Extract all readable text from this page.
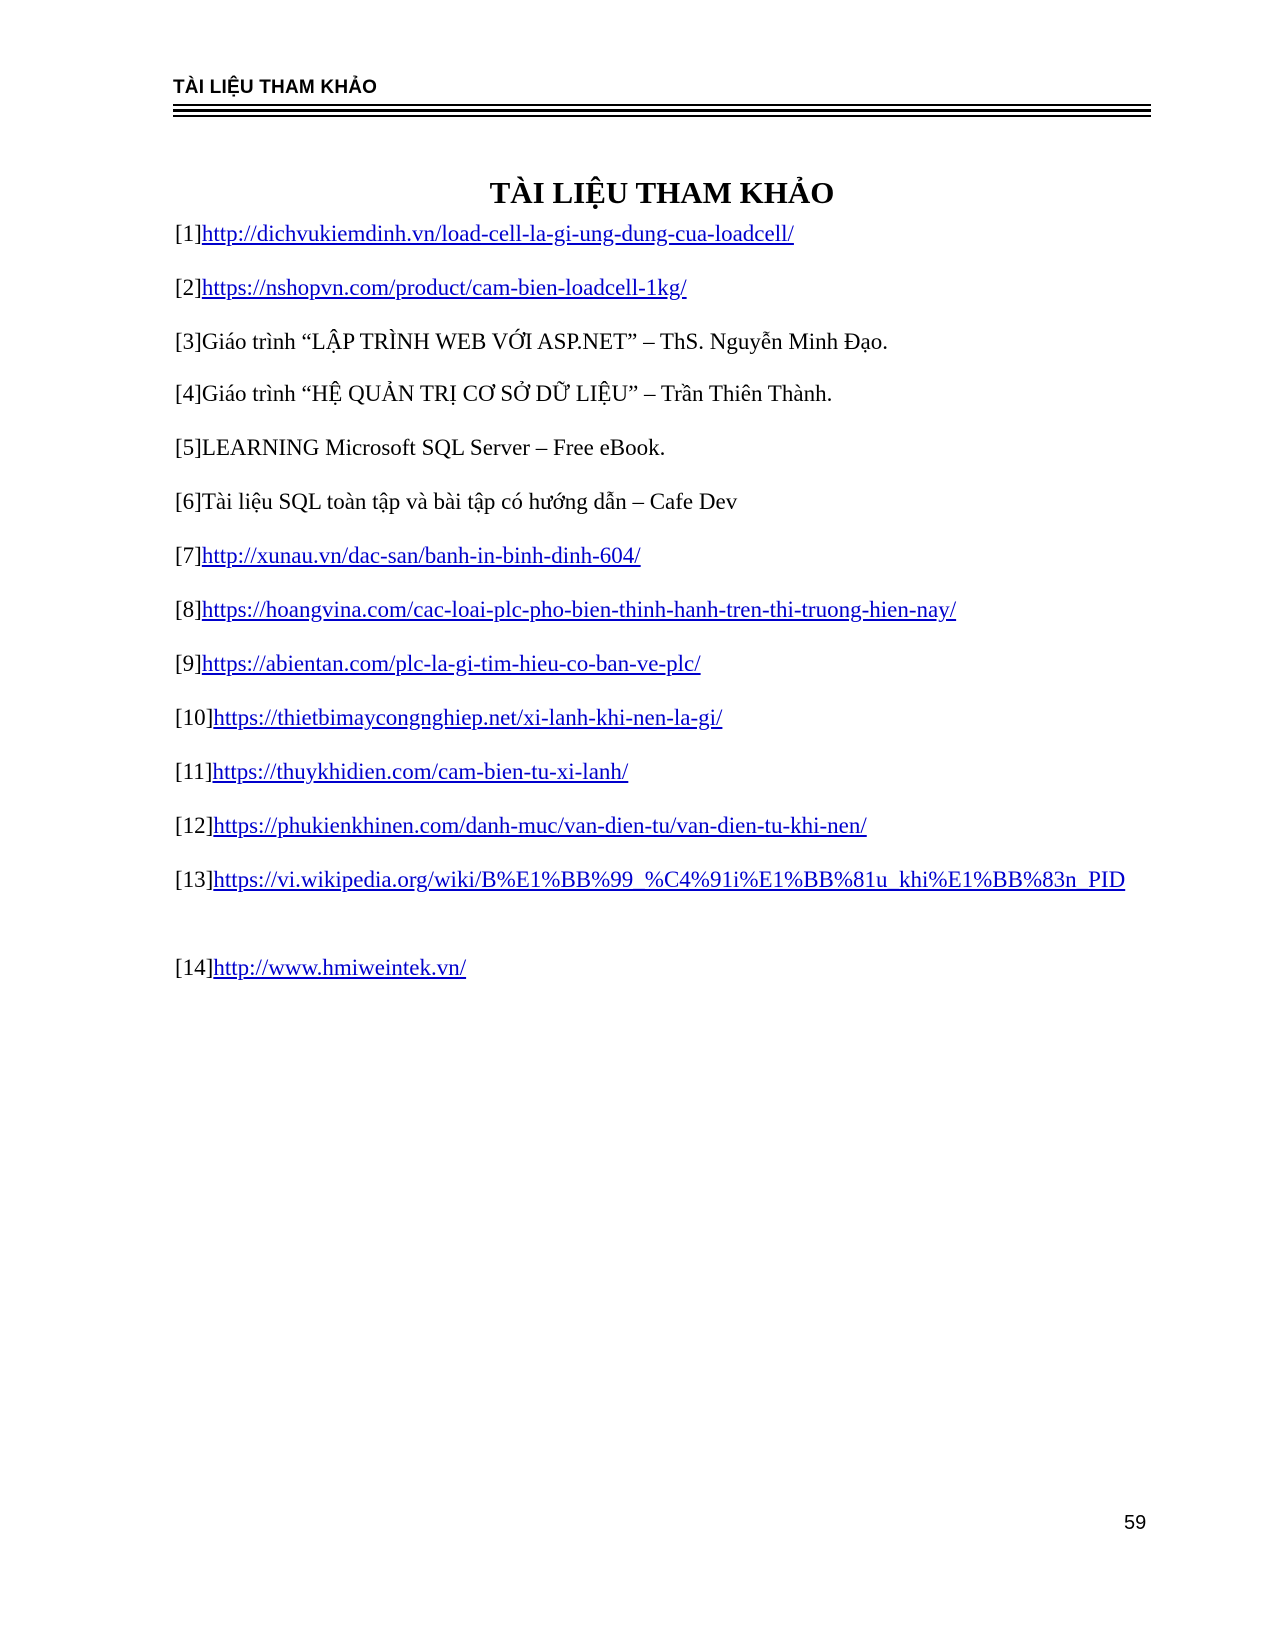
TÀI LIỆU THAM KHẢO
TÀI LIỆU THAM KHẢO
[1]http://dichvukiemdinh.vn/load-cell-la-gi-ung-dung-cua-loadcell/
[2]https://nshopvn.com/product/cam-bien-loadcell-1kg/
[3]Giáo trình “LẬP TRÌNH WEB VỚI ASP.NET” – ThS. Nguyễn Minh Đạo.
[4]Giáo trình “HỆ QUẢN TRỊ CƠ SỞ DỮ LIỆU” – Trần Thiên Thành.
[5]LEARNING Microsoft SQL Server – Free eBook.
[6]Tài liệu SQL toàn tập và bài tập có hướng dẫn – Cafe Dev
[7]http://xunau.vn/dac-san/banh-in-binh-dinh-604/
[8]https://hoangvina.com/cac-loai-plc-pho-bien-thinh-hanh-tren-thi-truong-hien-nay/
[9]https://abientan.com/plc-la-gi-tim-hieu-co-ban-ve-plc/
[10]https://thietbimaycongnghiep.net/xi-lanh-khi-nen-la-gi/
[11]https://thuykhidien.com/cam-bien-tu-xi-lanh/
[12]https://phukienkhinen.com/danh-muc/van-dien-tu/van-dien-tu-khi-nen/
[13]https://vi.wikipedia.org/wiki/B%E1%BB%99_%C4%91i%E1%BB%81u_khi%E1%BB%83n_PID
[14]http://www.hmiweintek.vn/
59
